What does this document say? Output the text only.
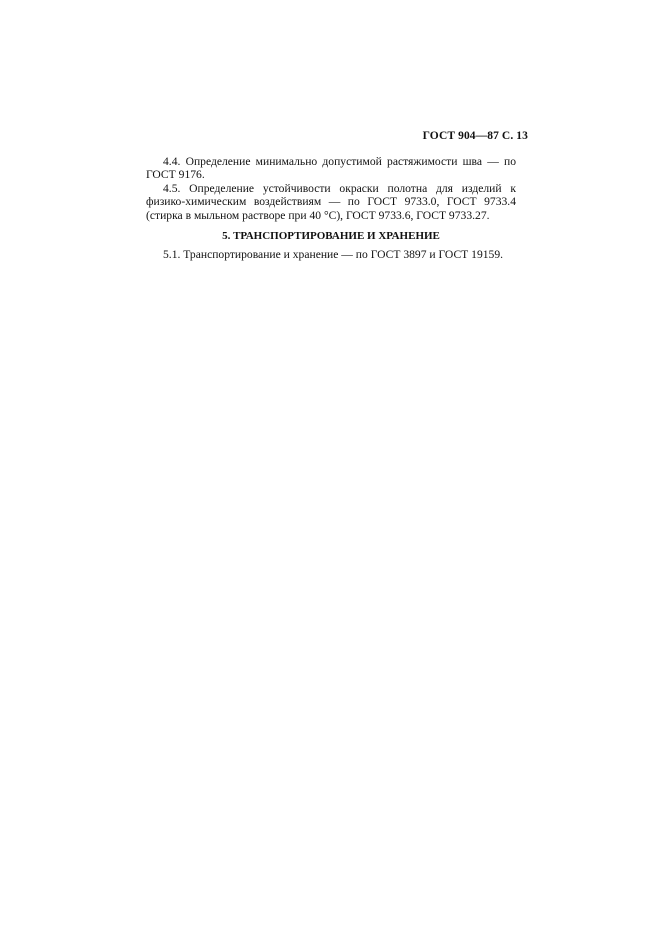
ГОСТ 904—87 С. 13

4.4. Определение минимально допустимой растяжимости шва — по ГОСТ 9176.

4.5. Определение устойчивости окраски полотна для изделий к физико-химическим воздействиям — по ГОСТ 9733.0, ГОСТ 9733.4 (стирка в мыльном растворе при 40 °С), ГОСТ 9733.6, ГОСТ 9733.27.

5. ТРАНСПОРТИРОВАНИЕ И ХРАНЕНИЕ

5.1. Транспортирование и хранение — по ГОСТ 3897 и ГОСТ 19159.
